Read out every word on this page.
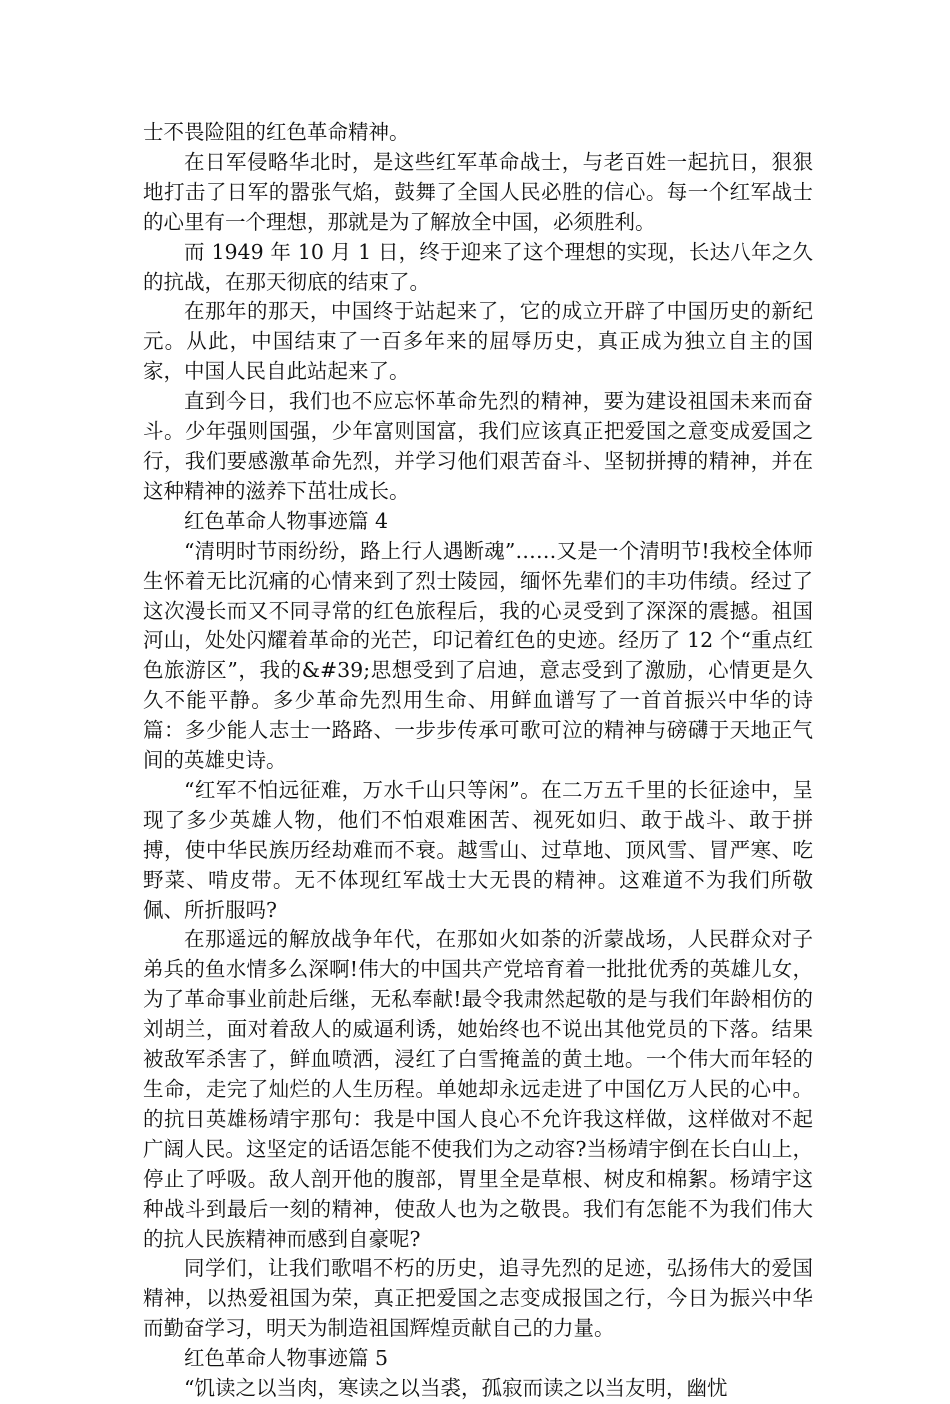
士不畏险阻的红色革命精神。

在日军侵略华北时，是这些红军革命战士，与老百姓一起抗日，狠狠地打击了日军的嚣张气焰，鼓舞了全国人民必胜的信心。每一个红军战士的心里有一个理想，那就是为了解放全中国，必须胜利。

而 1949 年 10 月 1 日，终于迎来了这个理想的实现，长达八年之久的抗战，在那天彻底的结束了。

在那年的那天，中国终于站起来了，它的成立开辟了中国历史的新纪元。从此，中国结束了一百多年来的屈辱历史，真正成为独立自主的国家，中国人民自此站起来了。

直到今日，我们也不应忘怀革命先烈的精神，要为建设祖国未来而奋斗。少年强则国强，少年富则国富，我们应该真正把爱国之意变成爱国之行，我们要感激革命先烈，并学习他们艰苦奋斗、坚韧拼搏的精神，并在这种精神的滋养下茁壮成长。

红色革命人物事迹篇 4

“清明时节雨纷纷，路上行人遇断魂”……又是一个清明节!我校全体师生怀着无比沉痛的心情来到了烈士陵园，缅怀先辈们的丰功伟绩。经过了这次漫长而又不同寻常的红色旅程后，我的心灵受到了深深的震撼。祖国河山，处处闪耀着革命的光芒，印记着红色的史迹。经历了 12 个“重点红色旅游区”，我的&#39;思想受到了启迪，意志受到了激励，心情更是久久不能平静。多少革命先烈用生命、用鲜血谱写了一首首振兴中华的诗篇：多少能人志士一路路、一步步传承可歌可泣的精神与磅礴于天地正气间的英雄史诗。

“红军不怕远征难，万水千山只等闲”。在二万五千里的长征途中，呈现了多少英雄人物，他们不怕艰难困苦、视死如归、敢于战斗、敢于拼搏，使中华民族历经劫难而不衰。越雪山、过草地、顶风雪、冒严寒、吃野菜、啃皮带。无不体现红军战士大无畏的精神。这难道不为我们所敬佩、所折服吗?

在那遥远的解放战争年代，在那如火如荼的沂蒙战场，人民群众对子弟兵的鱼水情多么深啊!伟大的中国共产党培育着一批批优秀的英雄儿女，为了革命事业前赴后继，无私奉献!最令我肃然起敬的是与我们年龄相仿的刘胡兰，面对着敌人的威逼利诱，她始终也不说出其他党员的下落。结果被敌军杀害了，鲜血喷洒，浸红了白雪掩盖的黄土地。一个伟大而年轻的生命，走完了灿烂的人生历程。单她却永远走进了中国亿万人民的心中。的抗日英雄杨靖宇那句：我是中国人良心不允许我这样做，这样做对不起广阔人民。这坚定的话语怎能不使我们为之动容?当杨靖宇倒在长白山上，停止了呼吸。敌人剖开他的腹部，胃里全是草根、树皮和棉絮。杨靖宇这种战斗到最后一刻的精神，使敌人也为之敬畏。我们有怎能不为我们伟大的抗人民族精神而感到自豪呢?

同学们，让我们歌唱不朽的历史，追寻先烈的足迹，弘扬伟大的爱国精神，以热爱祖国为荣，真正把爱国之志变成报国之行，今日为振兴中华而勤奋学习，明天为制造祖国辉煌贡献自己的力量。

红色革命人物事迹篇 5

“饥读之以当肉，寒读之以当裘，孤寂而读之以当友明，幽忧
